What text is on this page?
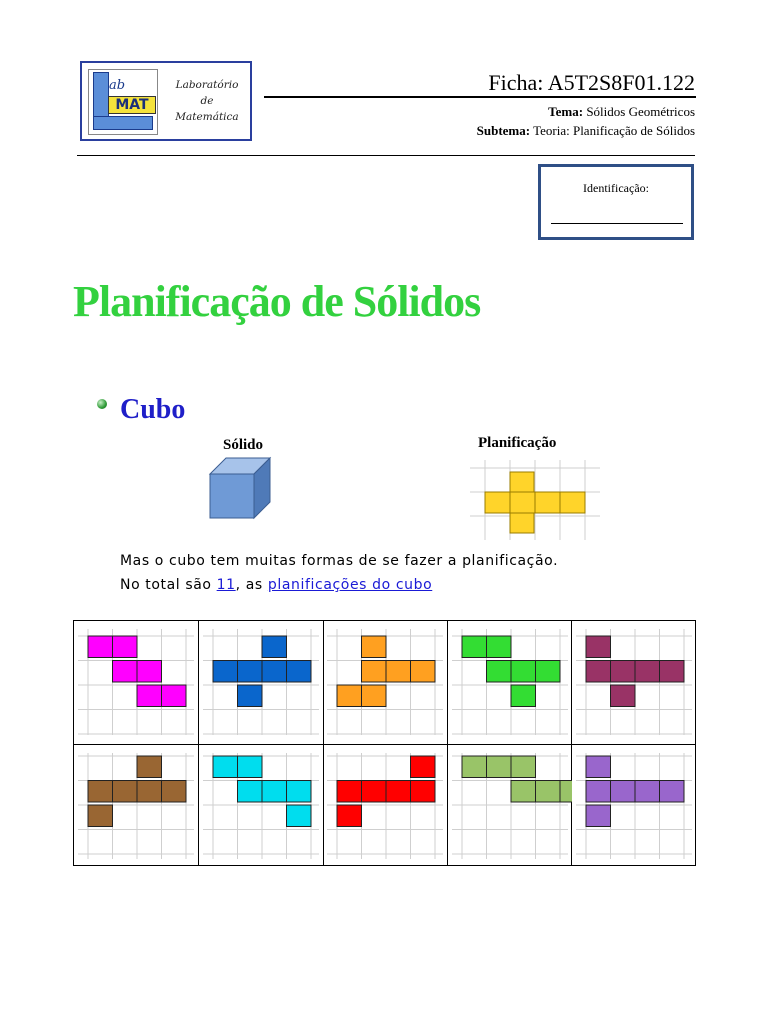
ab
MAT
Laboratório
de
Matemática
Ficha: A5T2S8F01.122
Tema: Sólidos Geométricos
Subtema: Teoria: Planificação de Sólidos
Identificação:
Planificação de Sólidos
Cubo
Sólido	Planificação
Mas o cubo tem muitas formas de se fazer a planificação.
No total são 11, as planificações do cubo
